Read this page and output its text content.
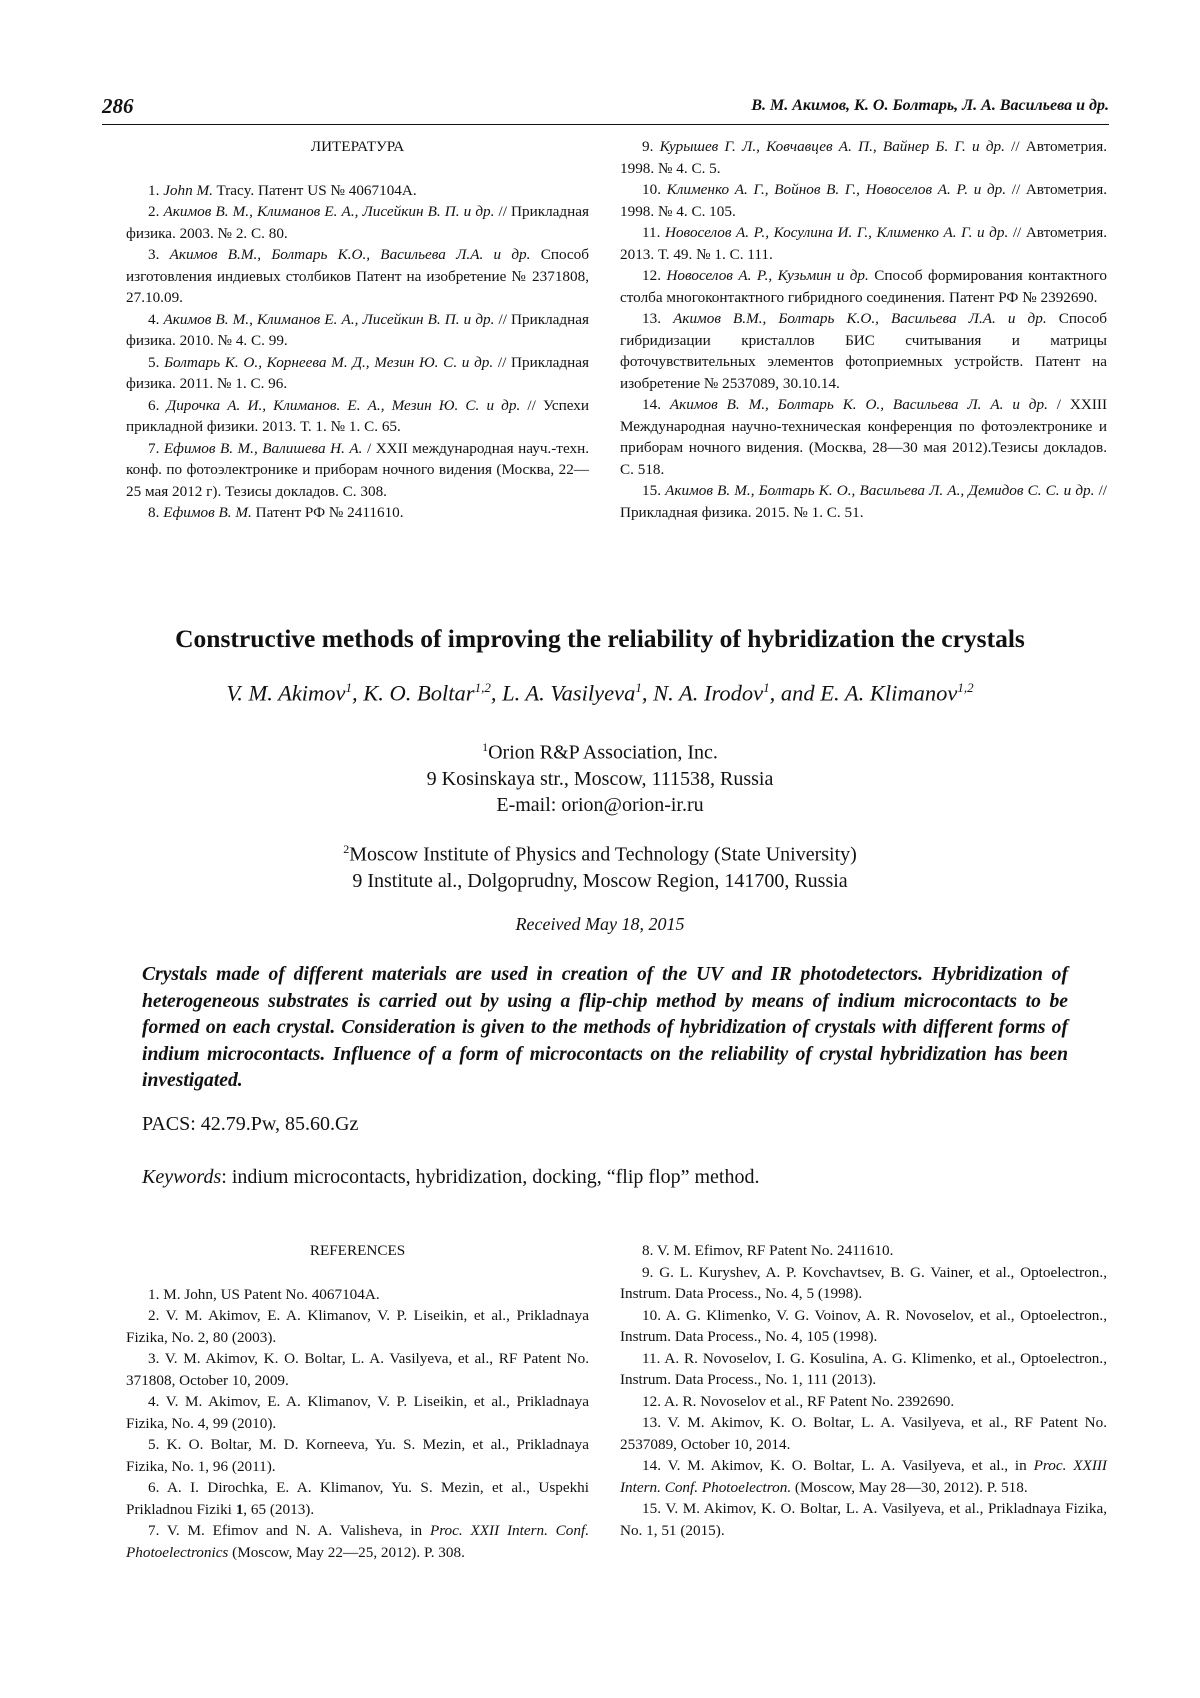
286	В. М. Акимов, К. О. Болтарь, Л. А. Васильева и др.

ЛИТЕРАТУРА

1. John M. Tracy. Патент US № 4067104A.

2. Акимов В. М., Климанов Е. А., Лисейкин В. П. и др. // Прикладная физика. 2003. № 2. С. 80.

3. Акимов В.М., Болтарь К.О., Васильева Л.А. и др. Способ изготовления индиевых столбиков Патент на изобретение № 2371808, 27.10.09.

4. Акимов В. М., Климанов Е. А., Лисейкин В. П. и др. // Прикладная физика. 2010. № 4. С. 99.

5. Болтарь К. О., Корнеева М. Д., Мезин Ю. С. и др. // Прикладная физика. 2011. № 1. С. 96.

6. Дирочка А. И., Климанов. Е. А., Мезин Ю. С. и др. // Успехи прикладной физики. 2013. Т. 1. № 1. С. 65.

7. Ефимов В. М., Валишева Н. А. / XXII международная науч.-техн. конф. по фотоэлектронике и приборам ночного видения (Москва, 22—25 мая 2012 г). Тезисы докладов. С. 308.

8. Ефимов В. М. Патент РФ № 2411610.

9. Курышев Г. Л., Ковчавцев А. П., Вайнер Б. Г. и др. // Автометрия. 1998. № 4. С. 5.

10. Клименко А. Г., Войнов В. Г., Новоселов А. Р. и др. // Автометрия. 1998. № 4. С. 105.

11. Новоселов А. Р., Косулина И. Г., Клименко А. Г. и др. // Автометрия. 2013. Т. 49. № 1. С. 111.

12. Новоселов А. Р., Кузьмин и др. Способ формирования контактного столба многоконтактного гибридного соединения. Патент РФ № 2392690.

13. Акимов В.М., Болтарь К.О., Васильева Л.А. и др. Способ гибридизации кристаллов БИС считывания и матрицы фоточувствительных элементов фотоприемных устройств. Патент на изобретение № 2537089, 30.10.14.

14. Акимов В. М., Болтарь К. О., Васильева Л. А. и др. / XXIII Международная научно-техническая конференция по фотоэлектронике и приборам ночного видения. (Москва, 28—30 мая 2012).Тезисы докладов. С. 518.

15. Акимов В. М., Болтарь К. О., Васильева Л. А., Демидов С. С. и др. // Прикладная физика. 2015. № 1. С. 51.

Constructive methods of improving the reliability of hybridization the crystals
V. M. Akimov$^1$, K. O. Boltar$^{1,2}$, L. A. Vasilyeva$^1$, N. A. Irodov$^1$, and E. A. Klimanov$^{1,2}$

$^1$Orion R&P Association, Inc.

9 Kosinskaya str., Moscow, 111538, Russia

E-mail: orion@orion-ir.ru

$^2$Moscow Institute of Physics and Technology (State University)

9 Institute al., Dolgoprudny, Moscow Region, 141700, Russia

Received May 18, 2015
Crystals made of different materials are used in creation of the UV and IR photodetectors. Hybridization of heterogeneous substrates is carried out by using a flip-chip method by means of indium microcontacts to be formed on each crystal. Consideration is given to the methods of hybridization of crystals with different forms of indium microcontacts. Influence of a form of microcontacts on the reliability of crystal hybridization has been investigated.
PACS: 42.79.Pw, 85.60.Gz
Keywords: indium microcontacts, hybridization, docking, “flip flop” method.

REFERENCES

1. M. John, US Patent No. 4067104A.

2. V. M. Akimov, E. A. Klimanov, V. P. Liseikin, et al., Prikladnaya Fizika, No. 2, 80 (2003).

3. V. M. Akimov, K. O. Boltar, L. A. Vasilyeva, et al., RF Patent No. 371808, October 10, 2009.

4. V. M. Akimov, E. A. Klimanov, V. P. Liseikin, et al., Prikladnaya Fizika, No. 4, 99 (2010).

5. K. O. Boltar, M. D. Korneeva, Yu. S. Mezin, et al., Prikladnaya Fizika, No. 1, 96 (2011).

6. A. I. Dirochka, E. A. Klimanov, Yu. S. Mezin, et al., Uspekhi Prikladnou Fiziki 1, 65 (2013).

7. V. M. Efimov and N. A. Valisheva, in Proc. XXII Intern. Conf. Photoelectronics (Moscow, May 22—25, 2012). P. 308.

8. V. M. Efimov, RF Patent No. 2411610.

9. G. L. Kuryshev, A. P. Kovchavtsev, B. G. Vainer, et al., Optoelectron., Instrum. Data Process., No. 4, 5 (1998).

10. A. G. Klimenko, V. G. Voinov, A. R. Novoselov, et al., Optoelectron., Instrum. Data Process., No. 4, 105 (1998).

11. A. R. Novoselov, I. G. Kosulina, A. G. Klimenko, et al., Optoelectron., Instrum. Data Process., No. 1, 111 (2013).

12. A. R. Novoselov et al., RF Patent No. 2392690.

13. V. M. Akimov, K. O. Boltar, L. A. Vasilyeva, et al., RF Patent No. 2537089, October 10, 2014.

14. V. M. Akimov, K. O. Boltar, L. A. Vasilyeva, et al., in Proc. XXIII Intern. Conf. Photoelectron. (Moscow, May 28—30, 2012). P. 518.

15. V. M. Akimov, K. O. Boltar, L. A. Vasilyeva, et al., Prikladnaya Fizika, No. 1, 51 (2015).
